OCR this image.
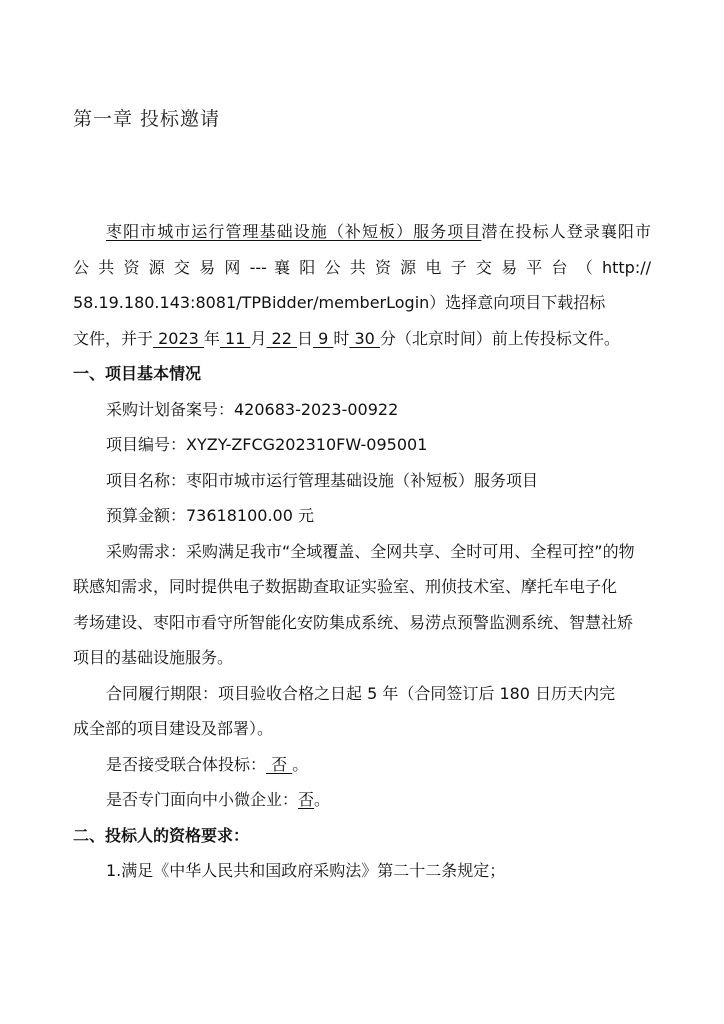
第一章 投标邀请
枣阳市城市运行管理基础设施（补短板）服务项目潜在投标人登录襄阳市
公 共 资 源 交 易 网 --- 襄 阳 公 共 资 源 电 子 交 易 平 台 （ http://
58.19.180.143:8081/TPBidder/memberLogin）选择意向项目下载招标
文件，并于 2023 年 11 月 22 日 9 时 30 分（北京时间）前上传投标文件。
一、项目基本情况
采购计划备案号：420683-2023-00922
项目编号：XYZY-ZFCG202310FW-095001
项目名称：枣阳市城市运行管理基础设施（补短板）服务项目
预算金额：73618100.00 元
采购需求：采购满足我市“全域覆盖、全网共享、全时可用、全程可控”的物
联感知需求，同时提供电子数据勘查取证实验室、刑侦技术室、摩托车电子化
考场建设、枣阳市看守所智能化安防集成系统、易涝点预警监测系统、智慧社矫
项目的基础设施服务。
合同履行期限：项目验收合格之日起 5 年（合同签订后 180 日历天内完
成全部的项目建设及部署）。
是否接受联合体投标： 否 。
是否专门面向中小微企业：否。
二、投标人的资格要求：
1.满足《中华人民共和国政府采购法》第二十二条规定；
